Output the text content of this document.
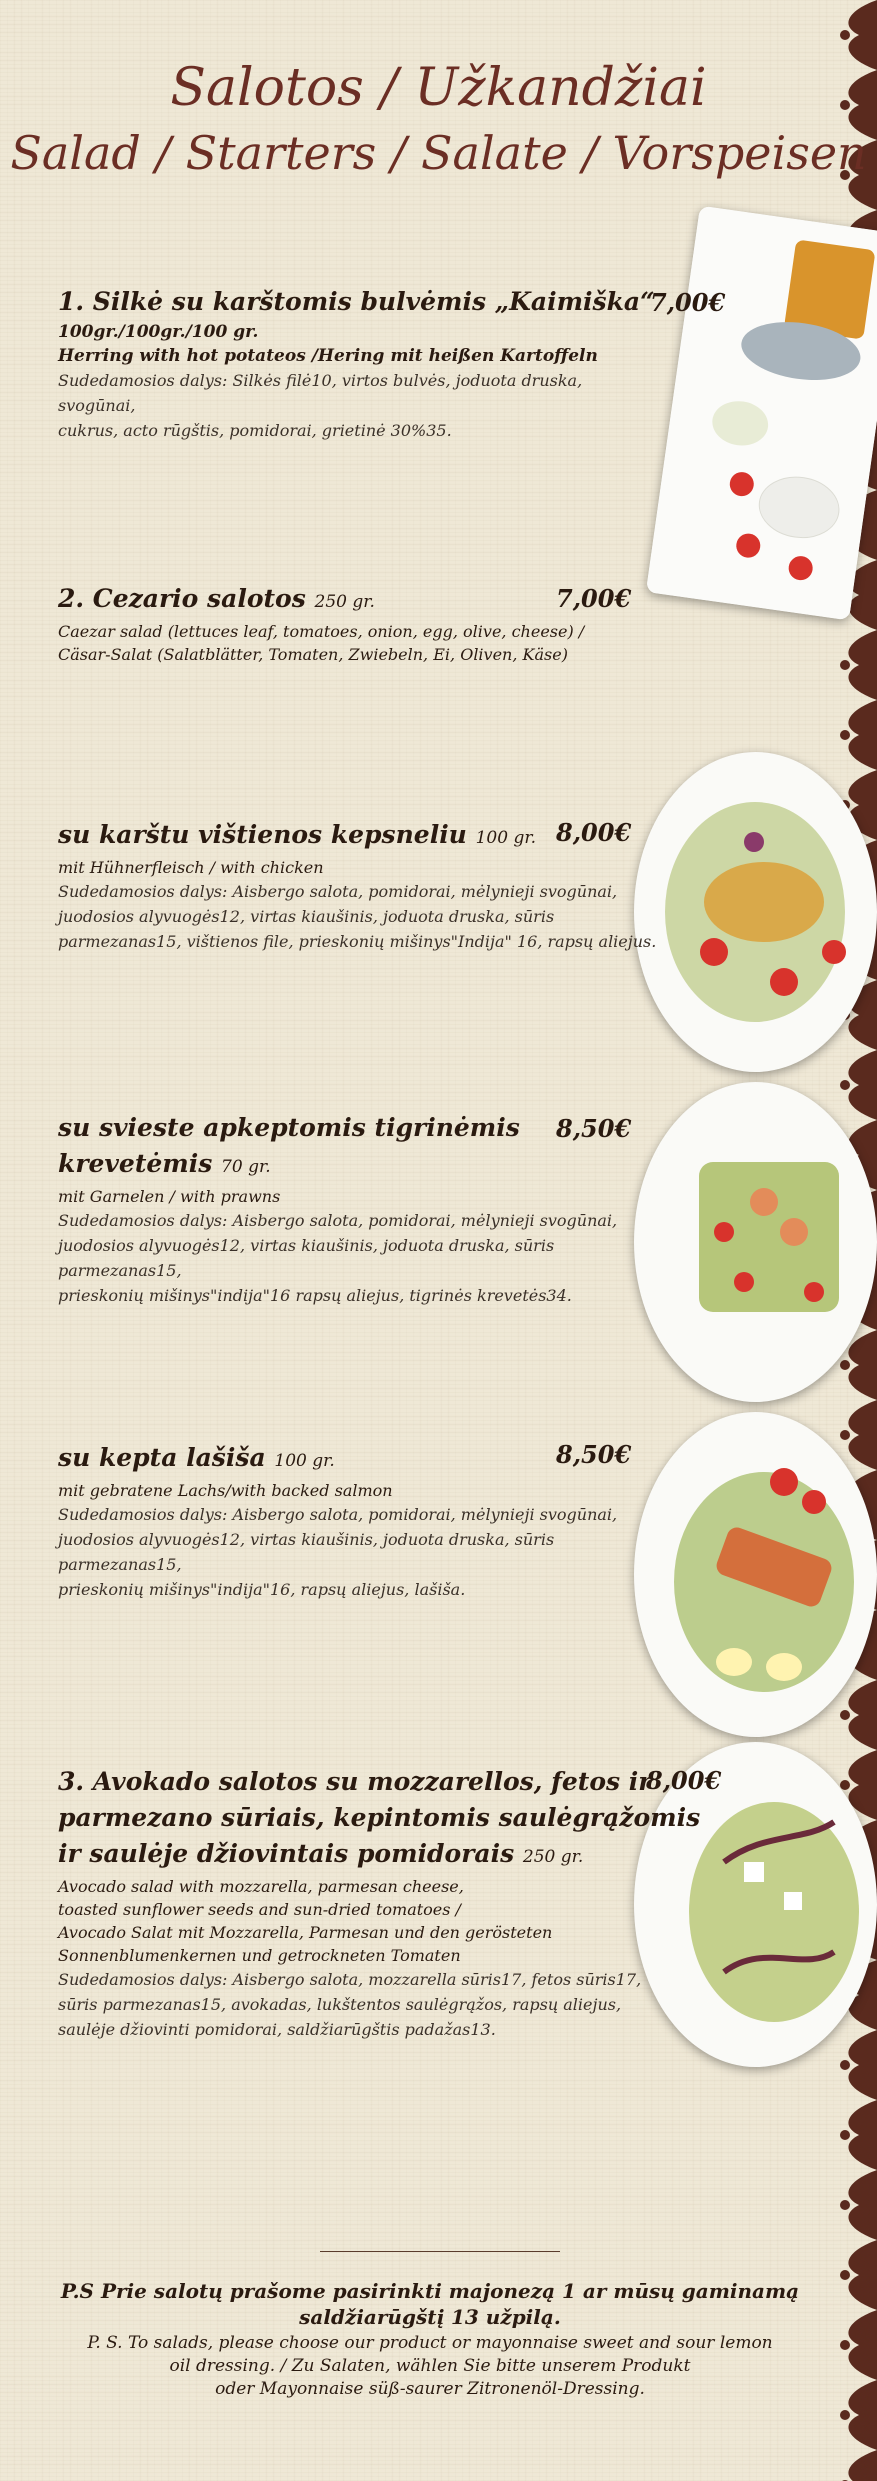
Salotos / Užkandžiai
Salad / Starters / Salate / Vorspeisen
1. Silkė su karštomis bulvėmis „Kaimiška“
100gr./100gr./100 gr.
Herring with hot potateos /Hering mit heißen Kartoffeln
Sudedamosios dalys: Silkės filė10, virtos bulvės, joduota druska, svogūnai,
cukrus, acto rūgštis, pomidorai, grietinė 30%35.
7,00€
2. Cezario salotos 250 gr.
Caezar salad (lettuces leaf, tomatoes, onion, egg, olive, cheese) /
Cäsar-Salat (Salatblätter, Tomaten, Zwiebeln, Ei, Oliven, Käse)
7,00€
su karštu vištienos kepsneliu 100 gr.
mit Hühnerfleisch / with chicken
Sudedamosios dalys: Aisbergo salota, pomidorai, mėlynieji svogūnai,
juodosios alyvuogės12, virtas kiaušinis, joduota druska, sūris
parmezanas15, vištienos file, prieskonių mišinys"Indija" 16, rapsų aliejus.
8,00€
su svieste apkeptomis tigrinėmis
krevetėmis 70 gr.
mit Garnelen / with prawns
Sudedamosios dalys: Aisbergo salota, pomidorai, mėlynieji svogūnai,
juodosios alyvuogės12, virtas kiaušinis, joduota druska, sūris parmezanas15,
prieskonių mišinys"indija"16 rapsų aliejus, tigrinės krevetės34.
8,50€
su kepta lašiša 100 gr.
mit gebratene Lachs/with backed salmon
Sudedamosios dalys: Aisbergo salota, pomidorai, mėlynieji svogūnai,
juodosios alyvuogės12, virtas kiaušinis, joduota druska, sūris parmezanas15,
prieskonių mišinys"indija"16, rapsų aliejus, lašiša.
8,50€
3. Avokado salotos su mozzarellos, fetos ir
parmezano sūriais, kepintomis saulėgrąžomis
ir saulėje džiovintais pomidorais 250 gr.
Avocado salad with mozzarella, parmesan cheese,
toasted sunflower seeds and sun-dried tomatoes /
Avocado Salat mit Mozzarella, Parmesan und den gerösteten
Sonnenblumenkernen und getrockneten Tomaten
Sudedamosios dalys: Aisbergo salota, mozzarella sūris17, fetos sūris17,
sūris parmezanas15, avokadas, lukštentos saulėgrąžos, rapsų aliejus,
saulėje džiovinti pomidorai, saldžiarūgštis padažas13.
8,00€
P.S Prie salotų prašome pasirinkti majonezą 1 ar mūsų gaminamą
saldžiarūgštį 13 užpilą.
P. S. To salads, please choose our product or mayonnaise sweet and sour lemon
oil dressing. / Zu Salaten, wählen Sie bitte unserem Produkt
oder Mayonnaise süß-saurer Zitronenöl-Dressing.
